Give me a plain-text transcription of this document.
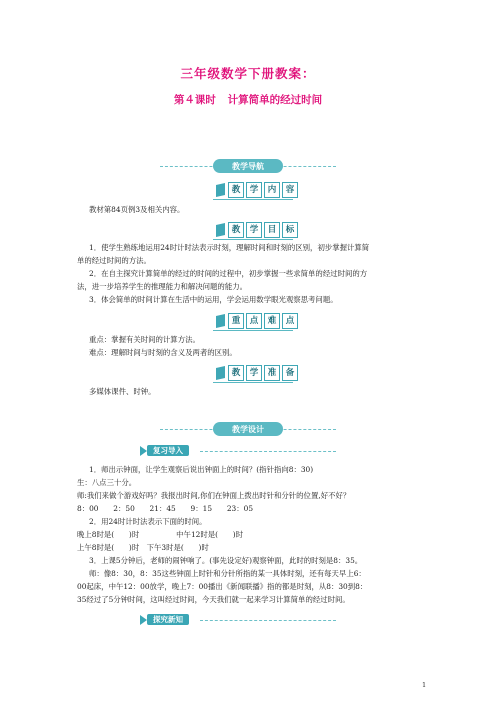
三年级数学下册教案：
第４课时 计算简单的经过时间
教学导航
教	学	内	容

教材第84页例3及相关内容。

教	学	目	标

1．使学生熟练地运用24时计时法表示时刻，理解时间和时刻的区别，初步掌握计算简

单的经过时间的方法。

2．在自主探究计算简单的经过的时间的过程中，初步掌握一些求简单的经过时间的方

法，进一步培养学生的推理能力和解决问题的能力。

3．体会简单的时间计算在生活中的运用，学会运用数学眼光观察思考问题。

重	点	难	点

重点：掌握有关时间的计算方法。

难点：理解时间与时刻的含义及两者的区别。

教	学	准	备

多媒体课件、时钟。

教学设计
复习导入

1．师出示钟面，让学生观察后说出钟面上的时间？(指针指向8：30)

生：八点三十分。

师:我们来做个游戏好吗？我报出时间,你们在钟面上拨出时针和分针的位置,好不好？

8：00　　2：50　　21：45　　9：15　　23：05

2．用24时计时法表示下面的时间。

晚上8时是(　　)时　　　　　中午12时是(　　)时

上午8时是(　　)时　下午3时是(　　)时

3．上课5分钟后，老师的闹钟响了。(事先设定好)观察钟面，此时的时刻是8：35。

师：像8：30，8：35这些钟面上时针和分针所指的某一具体时刻，还有每天早上6：

00起床，中午12：00放学，晚上7：00播出《新闻联播》指的都是时刻，从8：30到8：

35经过了5分钟时间，这叫经过时间，今天我们就一起来学习计算简单的经过时间。

探究新知
1
